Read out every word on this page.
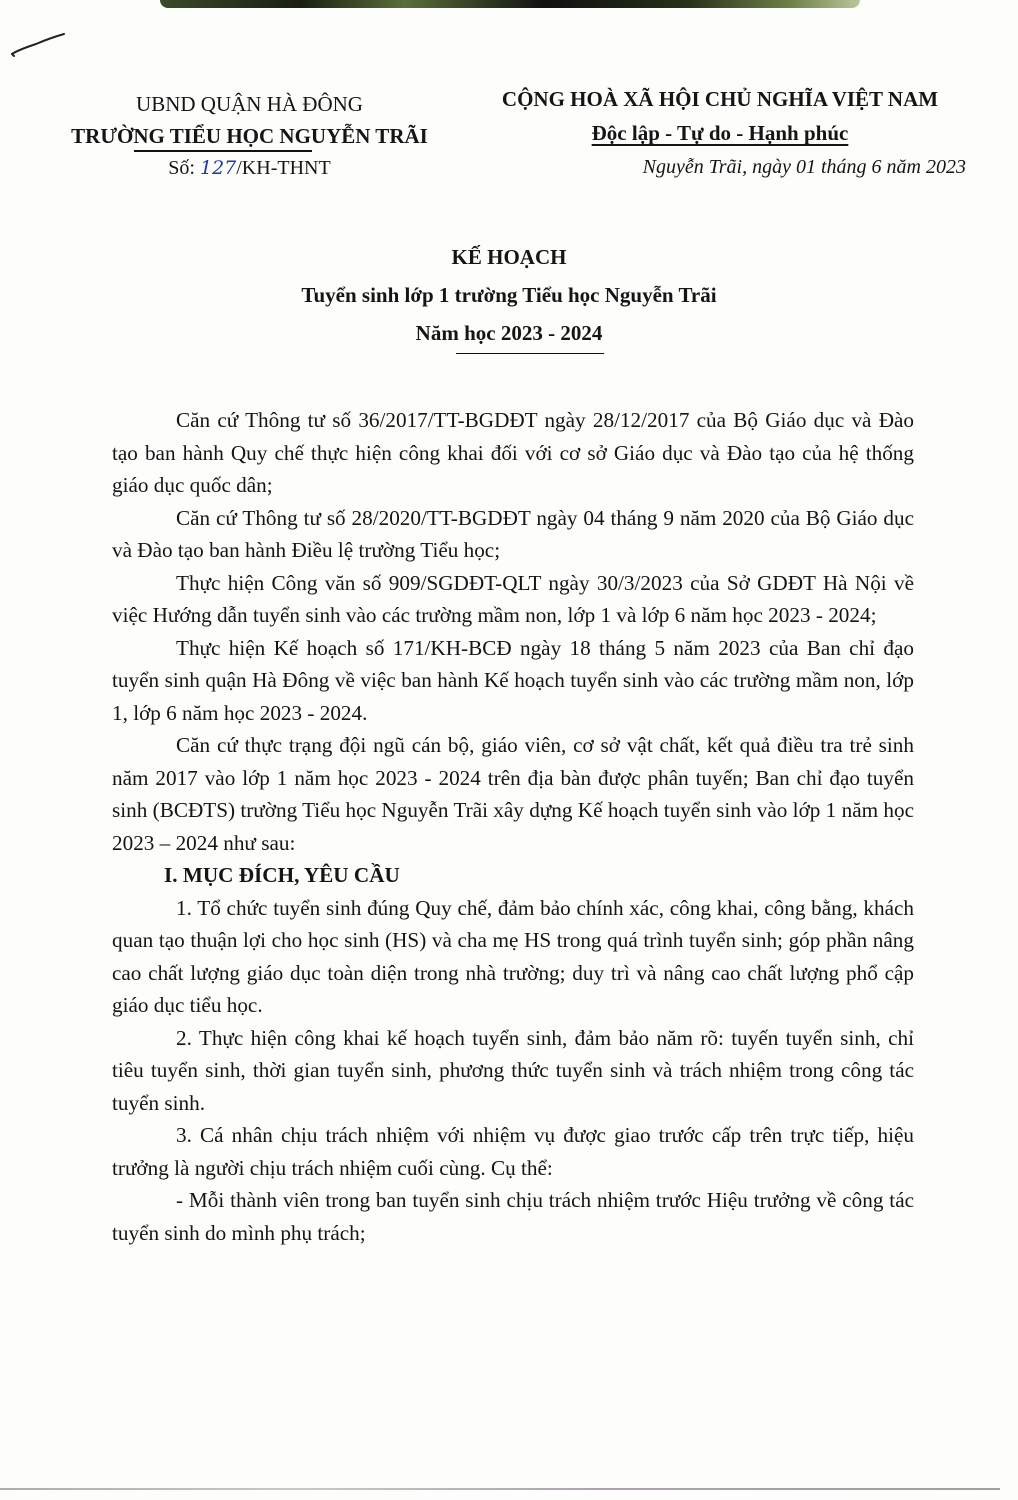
UBND QUẬN HÀ ĐÔNG
TRƯỜNG TIỂU HỌC NGUYỄN TRÃI
Số: 127/KH-THNT
CỘNG HOÀ XÃ HỘI CHỦ NGHĨA VIỆT NAM
Độc lập - Tự do - Hạnh phúc
Nguyễn Trãi, ngày 01 tháng 6 năm 2023
KẾ HOẠCH
Tuyển sinh lớp 1 trường Tiểu học Nguyễn Trãi
Năm học 2023 - 2024

Căn cứ Thông tư số 36/2017/TT-BGDĐT ngày 28/12/2017 của Bộ Giáo dục và Đào tạo ban hành Quy chế thực hiện công khai đối với cơ sở Giáo dục và Đào tạo của hệ thống giáo dục quốc dân;

Căn cứ Thông tư số 28/2020/TT-BGDĐT ngày 04 tháng 9 năm 2020 của Bộ Giáo dục và Đào tạo ban hành Điều lệ trường Tiểu học;

Thực hiện Công văn số 909/SGDĐT-QLT ngày 30/3/2023 của Sở GDĐT Hà Nội về việc Hướng dẫn tuyển sinh vào các trường mầm non, lớp 1 và lớp 6 năm học 2023 - 2024;

Thực hiện Kế hoạch số 171/KH-BCĐ ngày 18 tháng 5 năm 2023 của Ban chỉ đạo tuyển sinh quận Hà Đông về việc ban hành Kế hoạch tuyển sinh vào các trường mầm non, lớp 1, lớp 6 năm học 2023 - 2024.

Căn cứ thực trạng đội ngũ cán bộ, giáo viên, cơ sở vật chất, kết quả điều tra trẻ sinh năm 2017 vào lớp 1 năm học 2023 - 2024 trên địa bàn được phân tuyến; Ban chỉ đạo tuyển sinh (BCĐTS) trường Tiểu học Nguyễn Trãi xây dựng Kế hoạch tuyển sinh vào lớp 1 năm học 2023 – 2024 như sau:

I. MỤC ĐÍCH, YÊU CẦU

1. Tổ chức tuyển sinh đúng Quy chế, đảm bảo chính xác, công khai, công bằng, khách quan tạo thuận lợi cho học sinh (HS) và cha mẹ HS trong quá trình tuyển sinh; góp phần nâng cao chất lượng giáo dục toàn diện trong nhà trường; duy trì và nâng cao chất lượng phổ cập giáo dục tiểu học.

2. Thực hiện công khai kế hoạch tuyển sinh, đảm bảo năm rõ: tuyến tuyển sinh, chỉ tiêu tuyển sinh, thời gian tuyển sinh, phương thức tuyển sinh và trách nhiệm trong công tác tuyển sinh.

3. Cá nhân chịu trách nhiệm với nhiệm vụ được giao trước cấp trên trực tiếp, hiệu trưởng là người chịu trách nhiệm cuối cùng. Cụ thể:

- Mỗi thành viên trong ban tuyển sinh chịu trách nhiệm trước Hiệu trưởng về công tác tuyển sinh do mình phụ trách;
